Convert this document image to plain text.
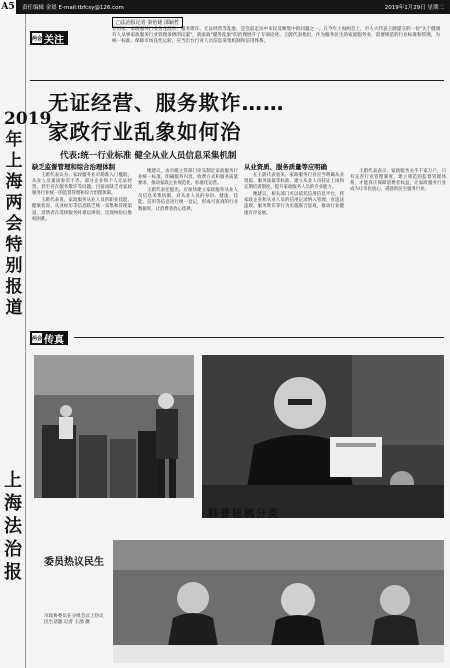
A5 责任编辑 金晨 E-mail:tbfcsy@126.com	2019年1月29日 星期二
2019年上海两会特别报道
上海法治报
两会 关注
□法治报记者 秦怡婕 邵颖哲
老旧家、家政服务行业鱼龙混杂、服务欺诈、无证经营等乱象，是会前走访中市民反映集中的问题之一。在今年上海两会上，市人大代表王蔚提交的一份"关于健康有人从事家政服务行业管理条例的议案"，就家政"服务乱象"的治理展开了专项论述。王蔚代表指出，作为服务民生的家庭服务业，需要规范的行业标准和管理，为统一标准、保障市场良性运转，应当出台行业人员信息采集机制和信用体系。
无证经营、服务欺诈……
家政行业乱象如何治
代表:统一行业标准 健全从业人员信息采集机制
缺乏监督管理和综合治理体制

王蔚代表认为，家政服务业市场准入门槛低，从业人员素质参差不齐，部分企业和个人无证经营，甚至存在服务欺诈等问题。目前尚缺乏对家政服务行业统一的监督管理和综合治理体制。

王蔚代表说，家政服务从业人员的职业技能、健康状况、从业经历等信息缺乏统一采集和管理渠道，消费者在选择服务时难以辨别，出现纠纷后维权困难。

她建议，由市级主管部门牵头制定家政服务行业统一标准，明确服务内容、收费方式和服务质量要求，推动家政企业规范化、标准化运营。

王蔚代表还提出，应加快建立家政服务从业人员信息采集机制，对从业人员的身份、健康、技能、信用等信息进行统一登记，形成可查询的行业数据库，让消费者放心选择。

从业资质、服务质量等应明确

在王蔚代表看来，家政服务行业应当明确从业资质、服务质量等标准，建立从业人员持证上岗和定期培训制度，提升家政服务人员的专业能力。

她建议，相关部门可以依托信用信息平台，将家政企业和从业人员的信用记录纳入管理，对违法违规、服务欺诈等行为实施联合惩戒，推动行业健康有序发展。

王蔚代表表示，家政服务关乎千家万户，只有完善行业管理制度，建立规范的监督管理体系，才能真正保障消费者权益，让家政服务行业成为让市民放心、满意的民生服务行业。

两会 传真
科普桂枫分类
市人大代表在审议中展示垃圾分类宣传材料 记者 王湧 摄
委员热议民生
市政协委员在分组会议上热议民生话题 记者 王湧 摄
